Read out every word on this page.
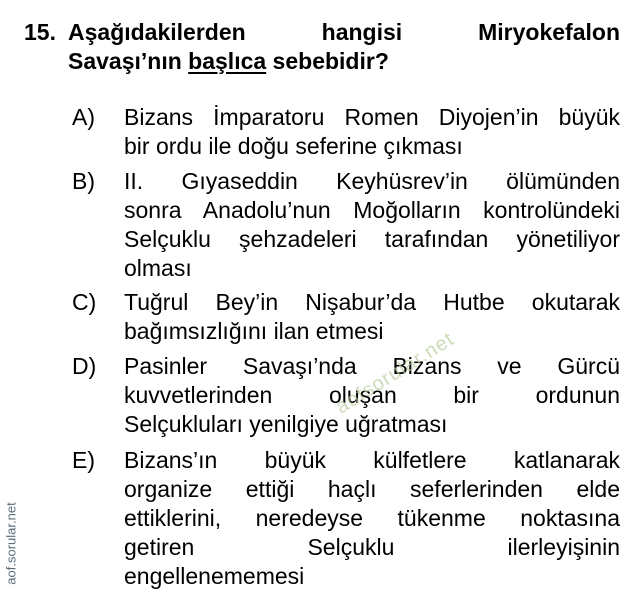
15. Aşağıdakilerden hangisi Miryokefalon
Savaşı’nın başlıca sebebidir?
A) Bizans İmparatoru Romen Diyojen’in büyük
bir ordu ile doğu seferine çıkması
B) II. Gıyaseddin Keyhüsrev’in ölümünden
sonra Anadolu’nun Moğolların kontrolündeki
Selçuklu şehzadeleri tarafından yönetiliyor
olması
C) Tuğrul Bey’in Nişabur’da Hutbe okutarak
bağımsızlığını ilan etmesi
D) Pasinler Savaşı’nda Bizans ve Gürcü
kuvvetlerinden oluşan bir ordunun
Selçukluları yenilgiye uğratması
E) Bizans’ın büyük külfetlere katlanarak
organize ettiği haçlı seferlerinden elde
ettiklerini, neredeyse tükenme noktasına
getiren Selçuklu ilerleyişinin
engellenememesi
aof.sorular.net
aofsorular.net
